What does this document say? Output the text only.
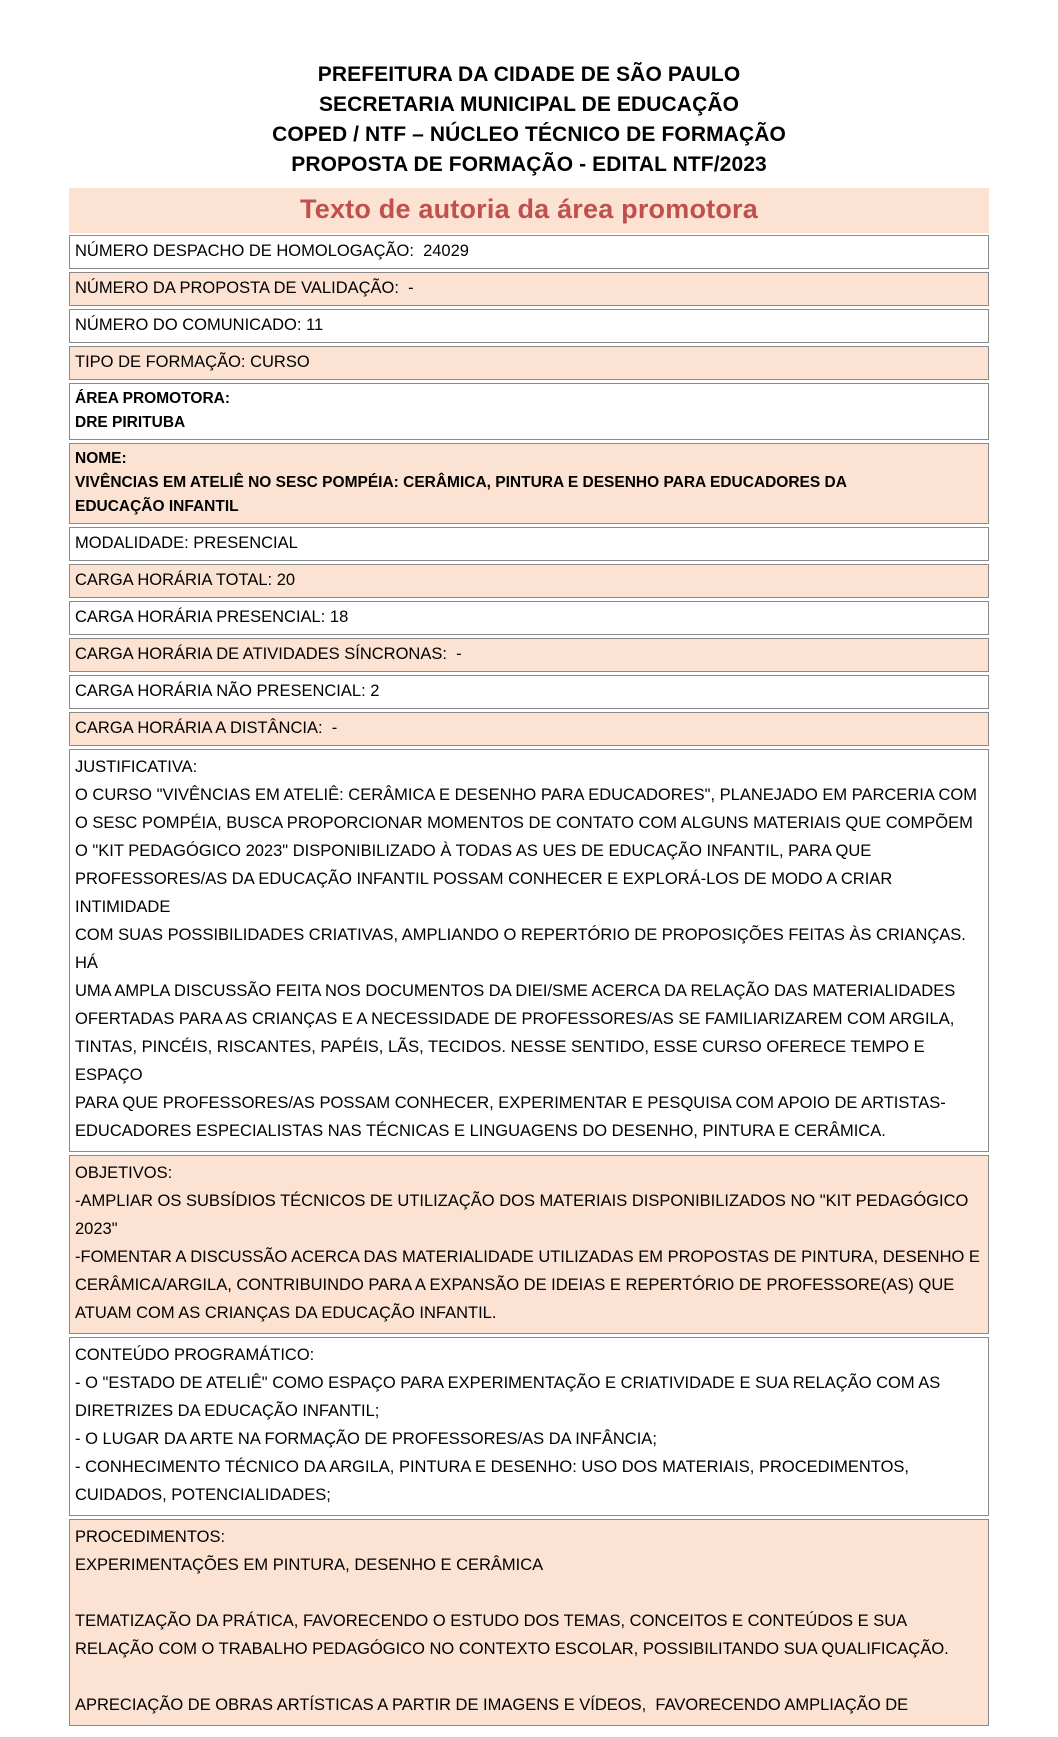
PREFEITURA DA CIDADE DE SÃO PAULO
SECRETARIA MUNICIPAL DE EDUCAÇÃO
COPED / NTF – NÚCLEO TÉCNICO DE FORMAÇÃO
PROPOSTA DE FORMAÇÃO - EDITAL NTF/2023
Texto de autoria da área promotora
NÚMERO DESPACHO DE HOMOLOGAÇÃO:  24029
NÚMERO DA PROPOSTA DE VALIDAÇÃO:  -
NÚMERO DO COMUNICADO: 11
TIPO DE FORMAÇÃO: CURSO
ÁREA PROMOTORA:
DRE PIRITUBA
NOME:
VIVÊNCIAS EM ATELIÊ NO SESC POMPÉIA: CERÂMICA, PINTURA E DESENHO PARA EDUCADORES DA
EDUCAÇÃO INFANTIL
MODALIDADE: PRESENCIAL
CARGA HORÁRIA TOTAL: 20
CARGA HORÁRIA PRESENCIAL: 18
CARGA HORÁRIA DE ATIVIDADES SÍNCRONAS:  -
CARGA HORÁRIA NÃO PRESENCIAL: 2
CARGA HORÁRIA A DISTÂNCIA:  -
JUSTIFICATIVA:
O CURSO "VIVÊNCIAS EM ATELIÊ: CERÂMICA E DESENHO PARA EDUCADORES", PLANEJADO EM PARCERIA COM
O SESC POMPÉIA, BUSCA PROPORCIONAR MOMENTOS DE CONTATO COM ALGUNS MATERIAIS QUE COMPÕEM
O "KIT PEDAGÓGICO 2023" DISPONIBILIZADO À TODAS AS UES DE EDUCAÇÃO INFANTIL, PARA QUE
PROFESSORES/AS DA EDUCAÇÃO INFANTIL POSSAM CONHECER E EXPLORÁ-LOS DE MODO A CRIAR INTIMIDADE
COM SUAS POSSIBILIDADES CRIATIVAS, AMPLIANDO O REPERTÓRIO DE PROPOSIÇÕES FEITAS ÀS CRIANÇAS. HÁ
UMA AMPLA DISCUSSÃO FEITA NOS DOCUMENTOS DA DIEI/SME ACERCA DA RELAÇÃO DAS MATERIALIDADES
OFERTADAS PARA AS CRIANÇAS E A NECESSIDADE DE PROFESSORES/AS SE FAMILIARIZAREM COM ARGILA,
TINTAS, PINCÉIS, RISCANTES, PAPÉIS, LÃS, TECIDOS. NESSE SENTIDO, ESSE CURSO OFERECE TEMPO E ESPAÇO
PARA QUE PROFESSORES/AS POSSAM CONHECER, EXPERIMENTAR E PESQUISA COM APOIO DE ARTISTAS-
EDUCADORES ESPECIALISTAS NAS TÉCNICAS E LINGUAGENS DO DESENHO, PINTURA E CERÂMICA.
OBJETIVOS:
-AMPLIAR OS SUBSÍDIOS TÉCNICOS DE UTILIZAÇÃO DOS MATERIAIS DISPONIBILIZADOS NO "KIT PEDAGÓGICO
2023"
-FOMENTAR A DISCUSSÃO ACERCA DAS MATERIALIDADE UTILIZADAS EM PROPOSTAS DE PINTURA, DESENHO E
CERÂMICA/ARGILA, CONTRIBUINDO PARA A EXPANSÃO DE IDEIAS E REPERTÓRIO DE PROFESSORE(AS) QUE
ATUAM COM AS CRIANÇAS DA EDUCAÇÃO INFANTIL.
CONTEÚDO PROGRAMÁTICO:
- O "ESTADO DE ATELIÊ" COMO ESPAÇO PARA EXPERIMENTAÇÃO E CRIATIVIDADE E SUA RELAÇÃO COM AS
DIRETRIZES DA EDUCAÇÃO INFANTIL;
- O LUGAR DA ARTE NA FORMAÇÃO DE PROFESSORES/AS DA INFÂNCIA;
- CONHECIMENTO TÉCNICO DA ARGILA, PINTURA E DESENHO: USO DOS MATERIAIS, PROCEDIMENTOS,
CUIDADOS, POTENCIALIDADES;
PROCEDIMENTOS:
EXPERIMENTAÇÕES EM PINTURA, DESENHO E CERÂMICA
TEMATIZAÇÃO DA PRÁTICA, FAVORECENDO O ESTUDO DOS TEMAS, CONCEITOS E CONTEÚDOS E SUA
RELAÇÃO COM O TRABALHO PEDAGÓGICO NO CONTEXTO ESCOLAR, POSSIBILITANDO SUA QUALIFICAÇÃO.
APRECIAÇÃO DE OBRAS ARTÍSTICAS A PARTIR DE IMAGENS E VÍDEOS,  FAVORECENDO AMPLIAÇÃO DE
